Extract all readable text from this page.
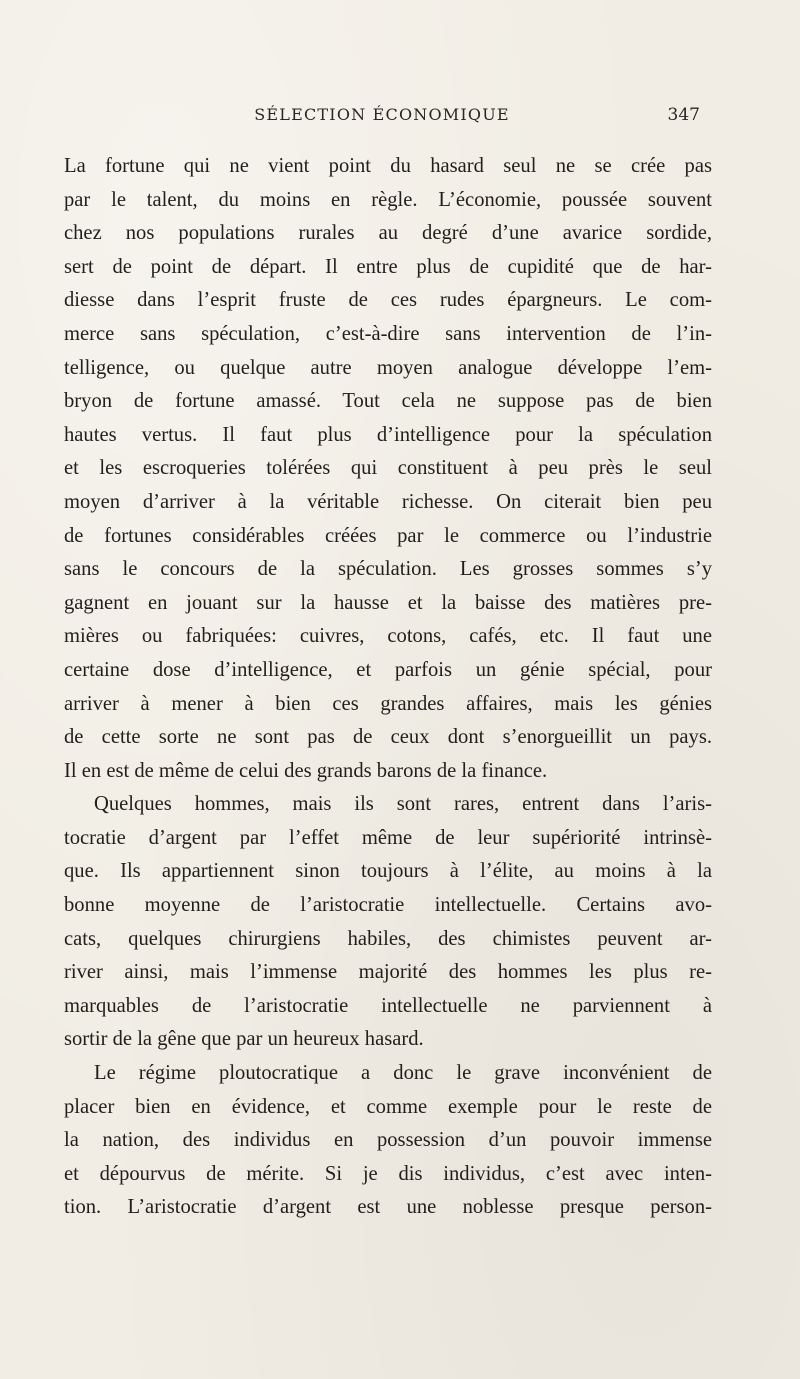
SÉLECTION ÉCONOMIQUE	347
La fortune qui ne vient point du hasard seul ne se crée pas
par le talent, du moins en règle. L’économie, poussée souvent
chez nos populations rurales au degré d’une avarice sordide,
sert de point de départ. Il entre plus de cupidité que de har-
diesse dans l’esprit fruste de ces rudes épargneurs. Le com-
merce sans spéculation, c’est-à-dire sans intervention de l’in-
telligence, ou quelque autre moyen analogue développe l’em-
bryon de fortune amassé. Tout cela ne suppose pas de bien
hautes vertus. Il faut plus d’intelligence pour la spéculation
et les escroqueries tolérées qui constituent à peu près le seul
moyen d’arriver à la véritable richesse. On citerait bien peu
de fortunes considérables créées par le commerce ou l’industrie
sans le concours de la spéculation. Les grosses sommes s’y
gagnent en jouant sur la hausse et la baisse des matières pre-
mières ou fabriquées: cuivres, cotons, cafés, etc. Il faut une
certaine dose d’intelligence, et parfois un génie spécial, pour
arriver à mener à bien ces grandes affaires, mais les génies
de cette sorte ne sont pas de ceux dont s’enorgueillit un pays.
Il en est de même de celui des grands barons de la finance.
Quelques hommes, mais ils sont rares, entrent dans l’aris-
tocratie d’argent par l’effet même de leur supériorité intrinsè-
que. Ils appartiennent sinon toujours à l’élite, au moins à la
bonne moyenne de l’aristocratie intellectuelle. Certains avo-
cats, quelques chirurgiens habiles, des chimistes peuvent ar-
river ainsi, mais l’immense majorité des hommes les plus re-
marquables de l’aristocratie intellectuelle ne parviennent à
sortir de la gêne que par un heureux hasard.
Le régime ploutocratique a donc le grave inconvénient de
placer bien en évidence, et comme exemple pour le reste de
la nation, des individus en possession d’un pouvoir immense
et dépourvus de mérite. Si je dis individus, c’est avec inten-
tion. L’aristocratie d’argent est une noblesse presque person-
